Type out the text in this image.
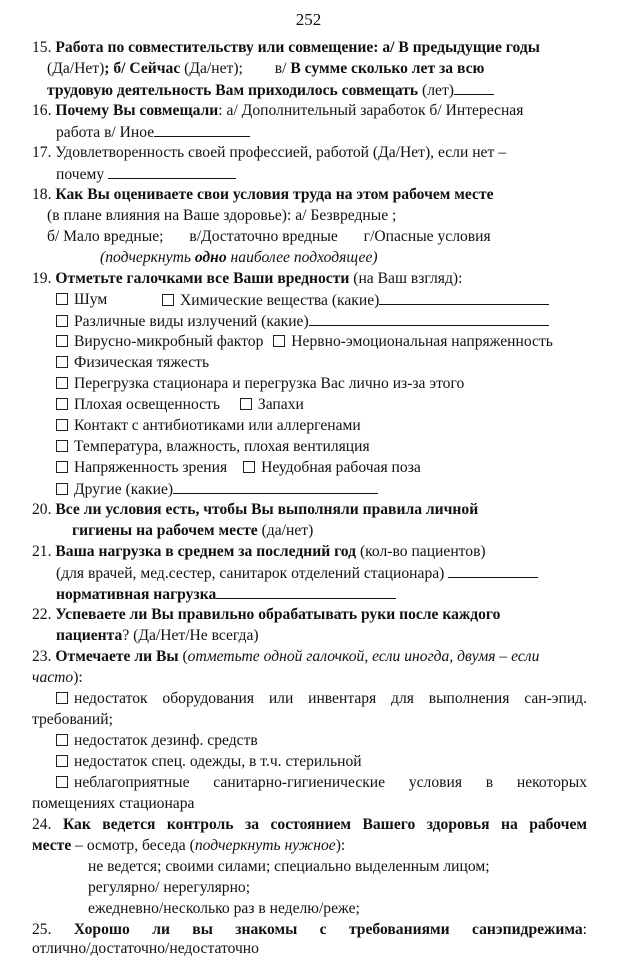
252
15. Работа по совместительству или совмещение: а/ В предыдущие годы
(Да/Нет); б/ Сейчас (Да/нет); в/ В сумме сколько лет за всю
трудовую деятельность Вам приходилось совмещать (лет)
16. Почему Вы совмещали: а/ Дополнительный заработок б/ Интересная
работа в/ Иное
17. Удовлетворенность своей профессией, работой (Да/Нет), если нет –
почему
18. Как Вы оцениваете свои условия труда на этом рабочем месте
(в плане влияния на Ваше здоровье): а/ Безвредные ;
б/ Мало вредные; в/Достаточно вредные г/Опасные условия
(подчеркнуть одно наиболее подходящее)
19. Отметьте галочками все Ваши вредности (на Ваш взгляд):
Шум	Химические вещества (какие)
Различные виды излучений (какие)
Вирусно-микробный фактор Нервно-эмоциональная напряженность
Физическая тяжесть
Перегрузка стационара и перегрузка Вас лично из-за этого
Плохая освещенность Запахи
Контакт с антибиотиками или аллергенами
Температура, влажность, плохая вентиляция
Напряженность зрения Неудобная рабочая поза
Другие (какие)
20. Все ли условия есть, чтобы Вы выполняли правила личной
гигиены на рабочем месте (да/нет)
21. Ваша нагрузка в среднем за последний год (кол-во пациентов)
(для врачей, мед.сестер, санитарок отделений стационара)
нормативная нагрузка
22. Успеваете ли Вы правильно обрабатывать руки после каждого
пациента? (Да/Нет/Не всегда)
23. Отмечаете ли Вы (отметьте одной галочкой, если иногда, двумя – если
часто):
недостаток оборудования или инвентаря для выполнения сан-эпид.
требований;
недостаток дезинф. средств
недостаток спец. одежды, в т.ч. стерильной
неблагоприятные санитарно-гигиенические условия в некоторых
помещениях стационара
24. Как ведется контроль за состоянием Вашего здоровья на рабочем
месте – осмотр, беседа (подчеркнуть нужное):
не ведется; своими силами; специально выделенным лицом;
регулярно/ нерегулярно;
ежедневно/несколько раз в неделю/реже;
25. Хорошо ли вы знакомы с требованиями санэпидрежима:
отлично/достаточно/недостаточно
